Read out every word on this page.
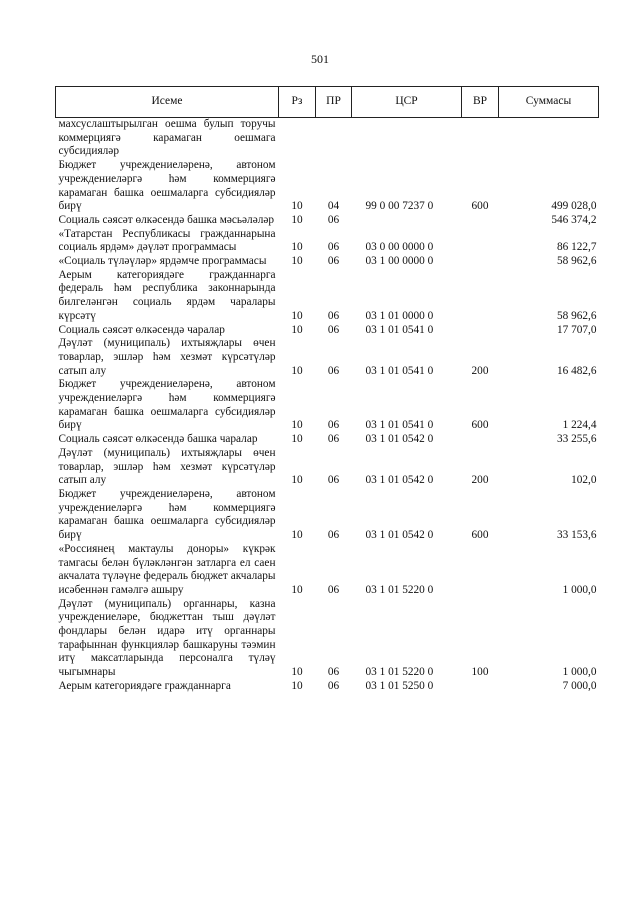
501
Исеме	Рз	ПР	ЦСР	ВР	Суммасы
махсуслаштырылган оешма булып торучы коммерциягә карамаган оешмага субсидияләр					
Бюджет учреждениеләренә, автоном учреждениеләргә һәм коммерциягә карамаган башка оешмаларга субсидияләр бирү	10	04	99 0 00 7237 0	600	499 028,0
Социаль сәясәт өлкәсендә башка мәсьәләләр	10	06			546 374,2
«Татарстан Республикасы гражданнарына социаль ярдәм» дәүләт программасы	10	06	03 0 00 0000 0		86 122,7
«Социаль түләүләр» ярдәмче программасы	10	06	03 1 00 0000 0		58 962,6
Аерым категориядәге гражданнарга федераль һәм республика законнарында билгеләнгән социаль ярдәм чаралары күрсәтү	10	06	03 1 01 0000 0		58 962,6
Социаль сәясәт өлкәсендә чаралар	10	06	03 1 01 0541 0		17 707,0
Дәүләт (муниципаль) ихтыяҗлары өчен товарлар, эшләр һәм хезмәт күрсәтүләр сатып алу	10	06	03 1 01 0541 0	200	16 482,6
Бюджет учреждениеләренә, автоном учреждениеләргә һәм коммерциягә карамаган башка оешмаларга субсидияләр бирү	10	06	03 1 01 0541 0	600	1 224,4
Социаль сәясәт өлкәсендә башка чаралар	10	06	03 1 01 0542 0		33 255,6
Дәүләт (муниципаль) ихтыяҗлары өчен товарлар, эшләр һәм хезмәт күрсәтүләр сатып алу	10	06	03 1 01 0542 0	200	102,0
Бюджет учреждениеләренә, автоном учреждениеләргә һәм коммерциягә карамаган башка оешмаларга субсидияләр бирү	10	06	03 1 01 0542 0	600	33 153,6
«Россиянең мактаулы доноры» күкрәк тамгасы белән бүләкләнгән затларга ел саен акчалата түләүне федераль бюджет акчалары исәбеннән гамәлгә ашыру	10	06	03 1 01 5220 0		1 000,0
Дәүләт (муниципаль) органнары, казна учреждениеләре, бюджеттан тыш дәүләт фондлары белән идарә итү органнары тарафыннан функцияләр башкаруны тәэмин итү максатларында персоналга түләү чыгымнары	10	06	03 1 01 5220 0	100	1 000,0
Аерым категориядәге гражданнарга	10	06	03 1 01 5250 0		7 000,0
